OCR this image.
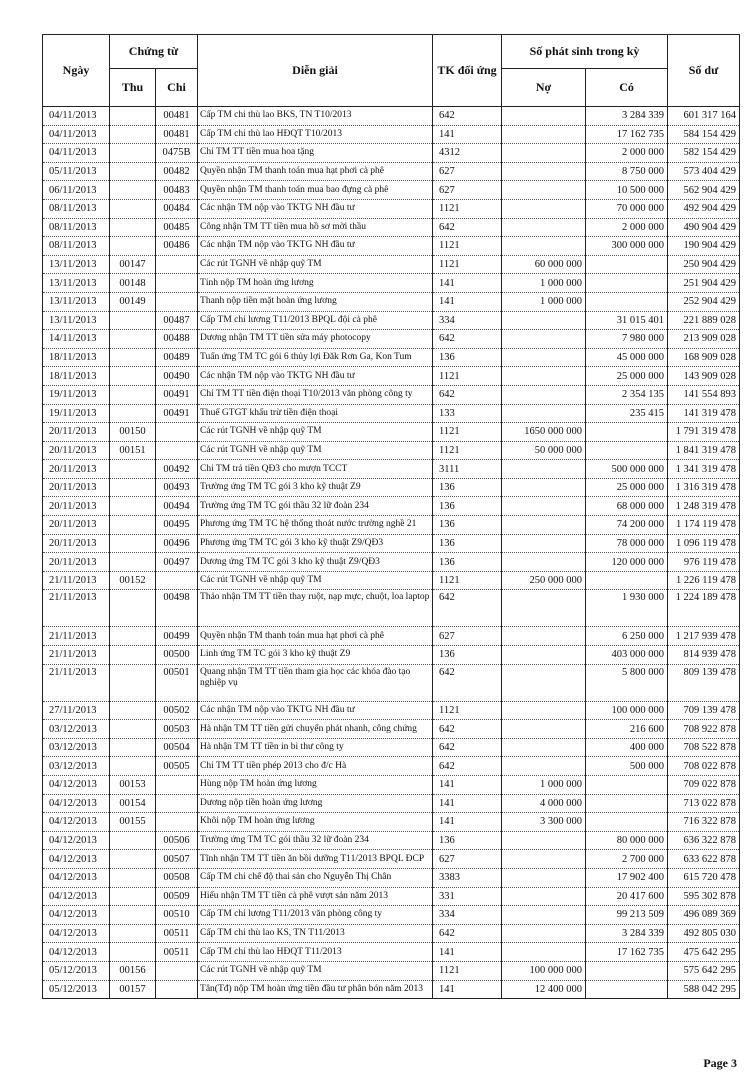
Ngày	Chứng từ		Diễn giải	TK đối ứng	Số phát sinh trong kỳ		Số dư
	Thu	Chi			Nợ	Có	
04/11/2013		00481	Cấp TM chi thù lao BKS, TN T10/2013	642		3 284 339	601 317 164
04/11/2013		00481	Cấp TM chi thù lao HĐQT T10/2013	141		17 162 735	584 154 429
04/11/2013		0475B	Chi TM TT tiền mua hoa tặng	4312		2 000 000	582 154 429
05/11/2013		00482	Quyền nhận TM thanh toán mua hạt phơi cà phê	627		8 750 000	573 404 429
06/11/2013		00483	Quyền nhận TM thanh toán mua bao đựng cà phê	627		10 500 000	562 904 429
08/11/2013		00484	Các nhận TM nộp vào TKTG NH đầu tư	1121		70 000 000	492 904 429
08/11/2013		00485	Công nhận TM TT tiền mua hồ sơ mời thầu	642		2 000 000	490 904 429
08/11/2013		00486	Các nhận TM nộp vào TKTG NH đầu tư	1121		300 000 000	190 904 429
13/11/2013	00147		Các rút TGNH về nhập quỹ TM	1121	60 000 000		250 904 429
13/11/2013	00148		Tính nộp TM hoàn ứng lương	141	1 000 000		251 904 429
13/11/2013	00149		Thanh nộp tiền mặt hoàn ứng lương	141	1 000 000		252 904 429
13/11/2013		00487	Cấp TM chi lương T11/2013 BPQL đội cà phê	334		31 015 401	221 889 028
14/11/2013		00488	Dương nhận TM TT tiền sửa máy photocopy	642		7 980 000	213 909 028
18/11/2013		00489	Tuấn ứng TM TC gói 6 thủy lợi Đăk Rơn Ga, Kon Tum	136		45 000 000	168 909 028
18/11/2013		00490	Các nhận TM nộp vào TKTG NH đầu tư	1121		25 000 000	143 909 028
19/11/2013		00491	Chi TM TT tiền điện thoại T10/2013 văn phòng công ty	642		2 354 135	141 554 893
19/11/2013		00491	Thuế GTGT khấu trừ tiền điện thoại	133		235 415	141 319 478
20/11/2013	00150		Các rút TGNH về nhập quỹ TM	1121	1650 000 000		1 791 319 478
20/11/2013	00151		Các rút TGNH về nhập quỹ TM	1121	50 000 000		1 841 319 478
20/11/2013		00492	Chi TM trả tiền QĐ3 cho mượn TCCT	3111		500 000 000	1 341 319 478
20/11/2013		00493	Trường ứng TM TC gói 3 kho kỹ thuật Z9	136		25 000 000	1 316 319 478
20/11/2013		00494	Trường ứng TM TC gói thầu 32 lữ đoàn 234	136		68 000 000	1 248 319 478
20/11/2013		00495	Phương ứng TM TC hệ thống thoát nước trường nghề 21	136		74 200 000	1 174 119 478
20/11/2013		00496	Phương ứng TM TC gói 3 kho kỹ thuật Z9/QĐ3	136		78 000 000	1 096 119 478
20/11/2013		00497	Dương ứng TM TC gói 3 kho kỹ thuật Z9/QĐ3	136		120 000 000	976 119 478
21/11/2013	00152		Các rút TGNH về nhập quỹ TM	1121	250 000 000		1 226 119 478
21/11/2013		00498	Thảo nhận TM TT tiền thay ruột, nạp mực, chuột, loa laptop	642		1 930 000	1 224 189 478
21/11/2013		00499	Quyền nhận TM thanh toán mua hạt phơi cà phê	627		6 250 000	1 217 939 478
21/11/2013		00500	Linh ứng TM TC gói 3 kho kỹ thuật Z9	136		403 000 000	814 939 478
21/11/2013		00501	Quang nhận TM TT tiền tham gia học các khóa đào tạo nghiệp vụ	642		5 800 000	809 139 478
27/11/2013		00502	Các nhận TM nộp vào TKTG NH đầu tư	1121		100 000 000	709 139 478
03/12/2013		00503	Hà nhận TM TT tiền gửi chuyển phát nhanh, công chứng	642		216 600	708 922 878
03/12/2013		00504	Hà nhận TM TT tiền in bì thư công ty	642		400 000	708 522 878
03/12/2013		00505	Chi TM TT tiền phép 2013 cho đ/c Hà	642		500 000	708 022 878
04/12/2013	00153		Hùng nộp TM hoàn ứng lương	141	1 000 000		709 022 878
04/12/2013	00154		Dương nộp tiền hoàn ứng lương	141	4 000 000		713 022 878
04/12/2013	00155		Khôi nộp TM hoàn ứng lương	141	3 300 000		716 322 878
04/12/2013		00506	Trường ứng TM TC gói thầu 32 lữ đoàn 234	136		80 000 000	636 322 878
04/12/2013		00507	Tĩnh nhận TM TT tiền ăn bồi dưỡng T11/2013 BPQL ĐCP	627		2 700 000	633 622 878
04/12/2013		00508	Cấp TM chi chế độ thai sản cho Nguyễn Thị Chân	3383		17 902 400	615 720 478
04/12/2013		00509	Hiếu nhận TM TT tiền cà phê vượt sản năm 2013	331		20 417 600	595 302 878
04/12/2013		00510	Cấp TM chi lương T11/2013 văn phòng công ty	334		99 213 509	496 089 369
04/12/2013		00511	Cấp TM chi thù lao KS, TN T11/2013	642		3 284 339	492 805 030
04/12/2013		00511	Cấp TM chi thù lao HĐQT T11/2013	141		17 162 735	475 642 295
05/12/2013	00156		Các rút TGNH về nhập quỹ TM	1121	100 000 000		575 642 295
05/12/2013	00157		Tân(Tđ) nộp TM hoàn ứng tiền đầu tư phân bón năm 2013	141	12 400 000		588 042 295
Page 3
